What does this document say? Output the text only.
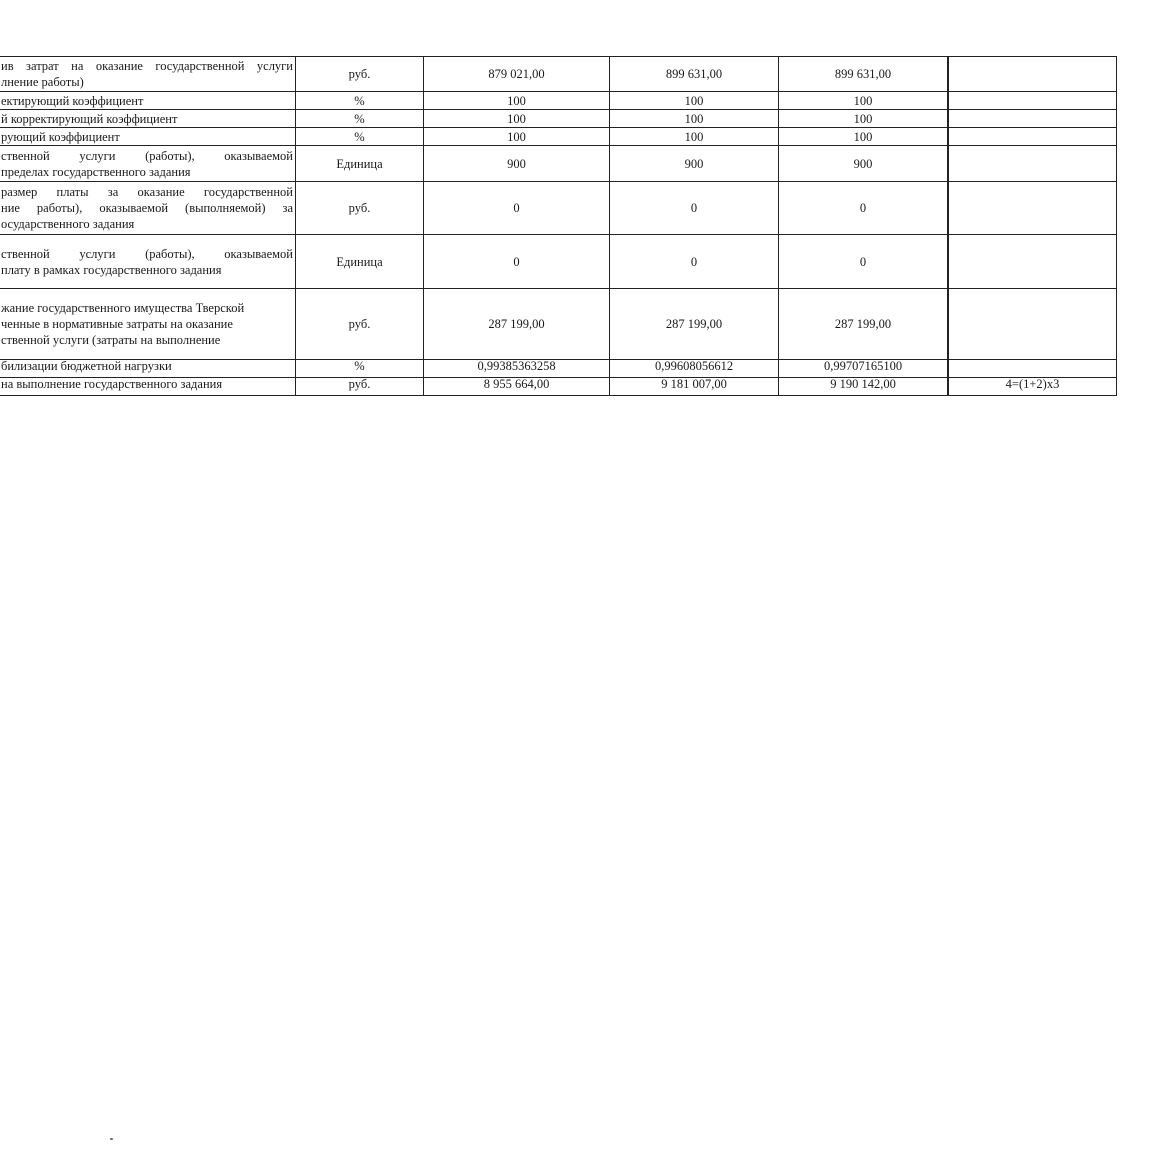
ив затрат на оказание государственной услуги
лнение работы)	руб.	879 021,00	899 631,00	899 631,00		

ектирующий коэффициент	%	100	100	100		

й корректирующий коэффициент	%	100	100	100		

рующий коэффициент	%	100	100	100		

ственной услуги (работы), оказываемой
пределах государственного задания	Единица	900	900	900		

размер платы за оказание государственной
ние работы), оказываемой (выполняемой) за
осударственного задания	руб.	0	0	0		

ственной услуги (работы), оказываемой
плату в рамках государственного задания	Единица	0	0	0		

жание государственного имущества Тверской
ченные в нормативные затраты на оказание
ственной услуги (затраты на выполнение	руб.	287 199,00	287 199,00	287 199,00		

билизации бюджетной нагрузки	%	0,99385363258	0,99608056612	0,99707165100		

на выполнение государственного задания	руб.	8 955 664,00	9 181 007,00	9 190 142,00		4=(1+2)x3
